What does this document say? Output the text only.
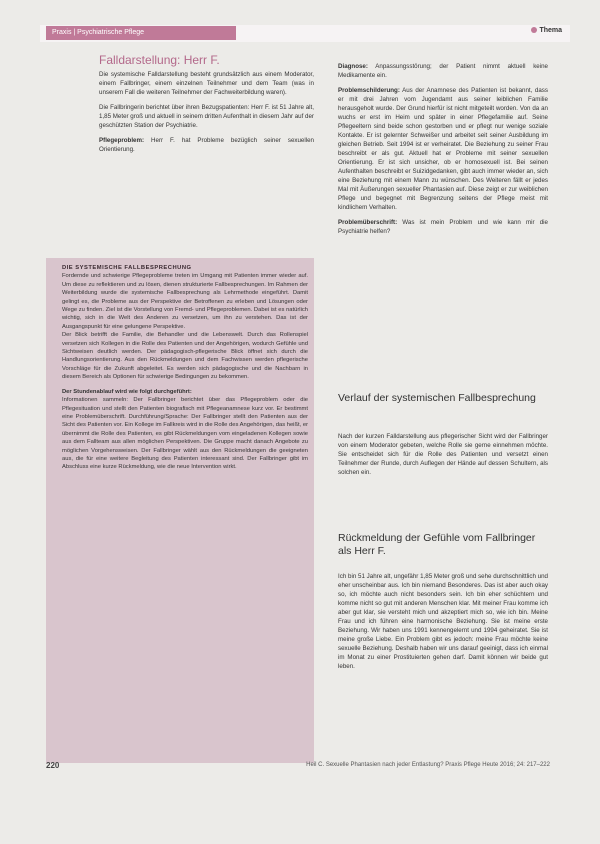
Praxis | Psychiatrische Pflege	Thema
Falldarstellung: Herr F.

Die systemische Falldarstellung besteht grundsätzlich aus einem Moderator, einem Fallbringer, einem einzelnen Teilnehmer und dem Team (was in unserem Fall die weiteren Teilnehmer der Fachweiterbildung waren).

Die Fallbringerin berichtet über ihren Bezugspatienten: Herr F. ist 51 Jahre alt, 1,85 Meter groß und aktuell in seinem dritten Aufenthalt in diesem Jahr auf der geschützten Station der Psychiatrie.

Pflegeproblem: Herr F. hat Probleme bezüglich seiner sexuellen Orientierung.

DIE SYSTEMISCHE FALLBESPRECHUNG

Fordernde und schwierige Pflegeprobleme treten im Umgang mit Patienten immer wieder auf. Um diese zu reflektieren und zu lösen, dienen strukturierte Fallbesprechungen. Im Rahmen der Weiterbildung wurde die systemische Fallbesprechung als Lehrmethode eingeführt. Damit gelingt es, die Probleme aus der Perspektive der Betroffenen zu erleben und Lösungen oder Wege zu finden. Ziel ist die Vorstellung von Fremd- und Pflegeproblemen. Dabei ist es natürlich wichtig, sich in die Welt des Anderen zu versetzen, um ihn zu verstehen. Das ist der Ausgangspunkt für eine gelungene Perspektive.

Der Blick betrifft die Familie, die Behandler und die Lebenswelt. Durch das Rollenspiel versetzen sich Kollegen in die Rolle des Patienten und der Angehörigen, wodurch Gefühle und Sichtweisen deutlich werden. Der pädagogisch-pflegerische Blick öffnet sich durch die Handlungsorientierung. Aus den Rückmeldungen und dem Fachwissen werden pflegerische Vorschläge für die Zukunft abgeleitet. Es werden sich pädagogische und die Nachbarn in diesem Bereich als Optionen für schwierige Bedingungen zu bekommen.

Der Stundenablauf wird wie folgt durchgeführt:

Informationen sammeln: Der Fallbringer berichtet über das Pflegeproblem oder die Pflegesituation und stellt den Patienten biografisch mit Pflegeanamnese kurz vor. Er bestimmt eine Problemüberschrift. Durchführung/Sprache: Der Fallbringer stellt den Patienten aus der Sicht des Patienten vor. Ein Kollege im Fallkreis wird in die Rolle des Angehörigen, das heißt, er übernimmt die Rolle des Patienten, es gibt Rückmeldungen vom eingeladenen Kollegen sowie aus dem Fallteam aus allen möglichen Perspektiven. Die Gruppe macht danach Angebote zu möglichen Vorgehensweisen. Der Fallbringer wählt aus den Rückmeldungen die geeigneten aus, die für eine weitere Begleitung des Patienten interessant sind. Der Fallbringer gibt im Abschluss eine kurze Rückmeldung, wie die neue Intervention wirkt.

Diagnose: Anpassungsstörung; der Patient nimmt aktuell keine Medikamente ein.

Problemschilderung: Aus der Anamnese des Patienten ist bekannt, dass er mit drei Jahren vom Jugendamt aus seiner leiblichen Familie herausgeholt wurde. Der Grund hierfür ist nicht mitgeteilt worden. Von da an wuchs er erst im Heim und später in einer Pflegefamilie auf. Seine Pflegeeltern sind beide schon gestorben und er pflegt nur wenige soziale Kontakte. Er ist gelernter Schweißer und arbeitet seit seiner Ausbildung im gleichen Betrieb. Seit 1994 ist er verheiratet. Die Beziehung zu seiner Frau beschreibt er als gut. Aktuell hat er Probleme mit seiner sexuellen Orientierung. Er ist sich unsicher, ob er homosexuell ist. Bei seinen Aufenthalten beschreibt er Suizidgedanken, gibt auch immer wieder an, sich eine Beziehung mit einem Mann zu wünschen. Des Weiteren fällt er jedes Mal mit Äußerungen sexueller Phantasien auf. Diese zeigt er zur weiblichen Pflege und begegnet mit Begrenzung seitens der Pflege meist mit kindlichem Verhalten.

Problemüberschrift: Was ist mein Problem und wie kann mir die Psychiatrie helfen?

Verlauf der systemischen Fallbesprechung

Nach der kurzen Falldarstellung aus pflegerischer Sicht wird der Fallbringer von einem Moderator gebeten, welche Rolle sie gerne einnehmen möchte. Sie entscheidet sich für die Rolle des Patienten und versetzt einen Teilnehmer der Runde, durch Auflegen der Hände auf dessen Schultern, als solchen ein.

Rückmeldung der Gefühle vom Fallbringer als Herr F.

Ich bin 51 Jahre alt, ungefähr 1,85 Meter groß und sehe durchschnittlich und eher unscheinbar aus. Ich bin niemand Besonderes. Das ist aber auch okay so, ich möchte auch nicht besonders sein. Ich bin eher schüchtern und komme nicht so gut mit anderen Menschen klar. Mit meiner Frau komme ich aber gut klar, sie versteht mich und akzeptiert mich so, wie ich bin. Meine Frau und ich führen eine harmonische Beziehung. Sie ist meine erste Beziehung. Wir haben uns 1991 kennengelernt und 1994 geheiratet. Sie ist meine große Liebe. Ein Problem gibt es jedoch: meine Frau möchte keine sexuelle Beziehung. Deshalb haben wir uns darauf geeinigt, dass ich einmal im Monat zu einer Prostituierten gehen darf. Damit können wir beide gut leben.

220	Heil C. Sexuelle Phantasien nach jeder Entlastung? Praxis Pflege Heute 2016; 24: 217–222
